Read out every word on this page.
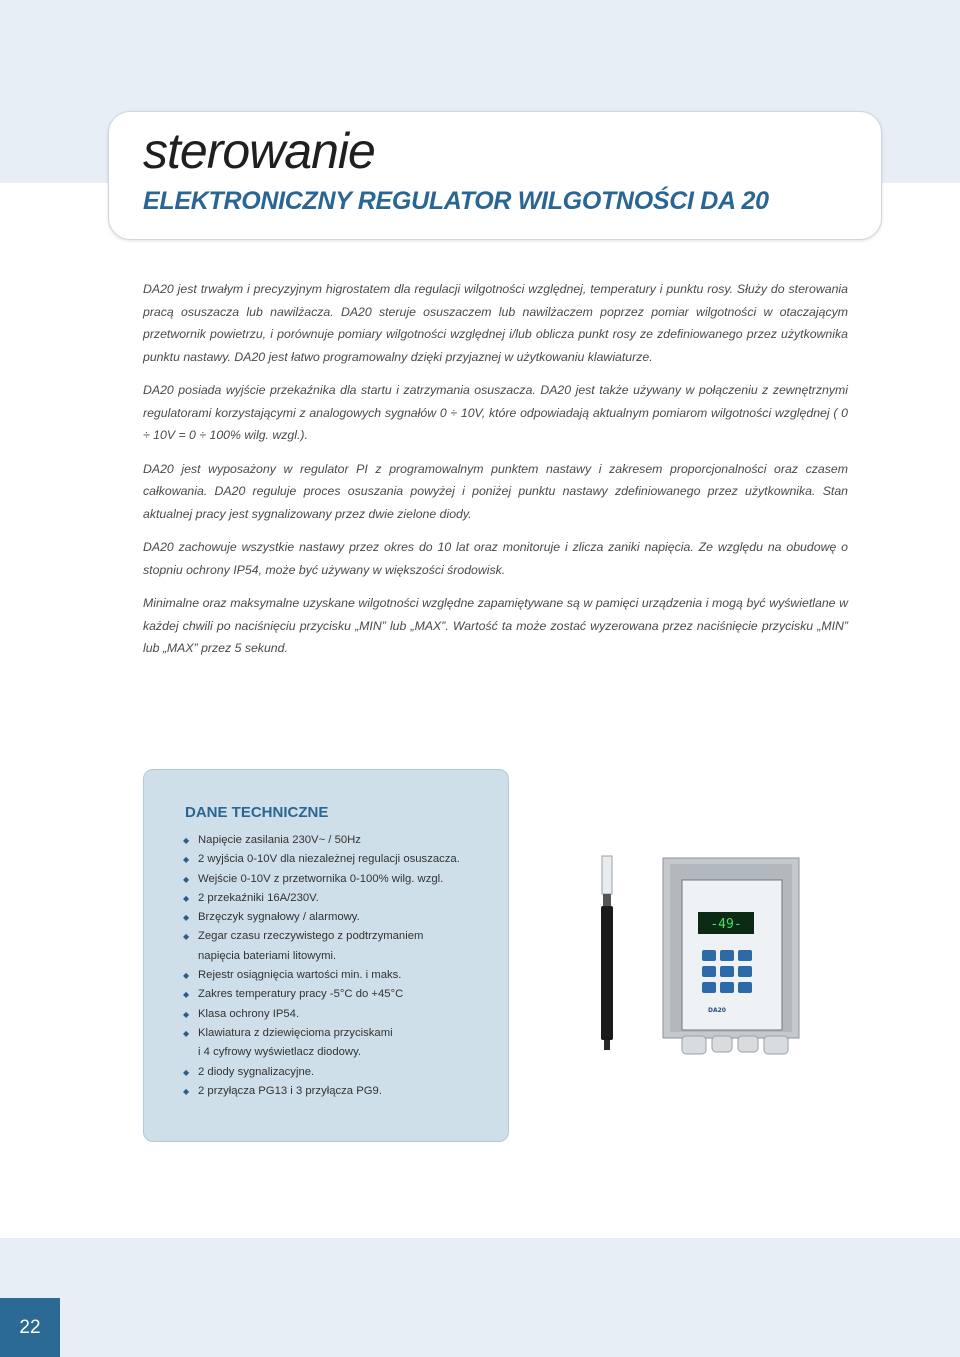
sterowanie
ELEKTRONICZNY REGULATOR WILGOTNOŚCI DA 20

DA20 jest trwałym i precyzyjnym higrostatem dla regulacji wilgotności względnej, temperatury i punktu rosy. Służy do sterowania pracą osuszacza lub nawilżacza. DA20 steruje osuszaczem lub nawilżaczem poprzez pomiar wilgotności w otaczającym przetwornik powietrzu, i porównuje pomiary wilgotności względnej i/lub oblicza punkt rosy ze zdefiniowanego przez użytkownika punktu nastawy. DA20 jest łatwo programowalny dzięki przyjaznej w użytkowaniu klawiaturze.

DA20 posiada wyjście przekaźnika dla startu i zatrzymania osuszacza. DA20 jest także używany w połączeniu z zewnętrznymi regulatorami korzystającymi z analogowych sygnałów 0 ÷ 10V, które odpowiadają aktualnym pomiarom wilgotności względnej ( 0 ÷ 10V = 0 ÷ 100% wilg. wzgl.).

DA20 jest wyposażony w regulator PI z programowalnym punktem nastawy i zakresem proporcjonalności oraz czasem całkowania. DA20 reguluje proces osuszania powyżej i poniżej punktu nastawy zdefiniowanego przez użytkownika. Stan aktualnej pracy jest sygnalizowany przez dwie zielone diody.

DA20 zachowuje wszystkie nastawy przez okres do 10 lat oraz monitoruje i zlicza zaniki napięcia. Ze względu na obudowę o stopniu ochrony IP54, może być używany w większości środowisk.

Minimalne oraz maksymalne uzyskane wilgotności względne zapamiętywane są w pamięci urządzenia i mogą być wyświetlane w każdej chwili po naciśnięciu przycisku „MIN” lub „MAX”. Wartość ta może zostać wyzerowana przez naciśnięcie przycisku „MIN” lub „MAX” przez 5 sekund.

DANE TECHNICZNE
◆ Napięcie zasilania 230V~ / 50Hz
◆ 2 wyjścia 0-10V dla niezależnej regulacji osuszacza.
◆ Wejście 0-10V z przetwornika 0-100% wilg. wzgl.
◆ 2 przekaźniki 16A/230V.
◆ Brzęczyk sygnałowy / alarmowy.
◆ Zegar czasu rzeczywistego z podtrzymaniem
napięcia bateriami litowymi.
◆ Rejestr osiągnięcia wartości min. i maks.
◆ Zakres temperatury pracy -5°C do +45°C
◆ Klasa ochrony IP54.
◆ Klawiatura z dziewięcioma przyciskami
i 4 cyfrowy wyświetlacz diodowy.
◆ 2 diody sygnalizacyjne.
◆ 2 przyłącza PG13 i 3 przyłącza PG9.
-49-
DA20
22
